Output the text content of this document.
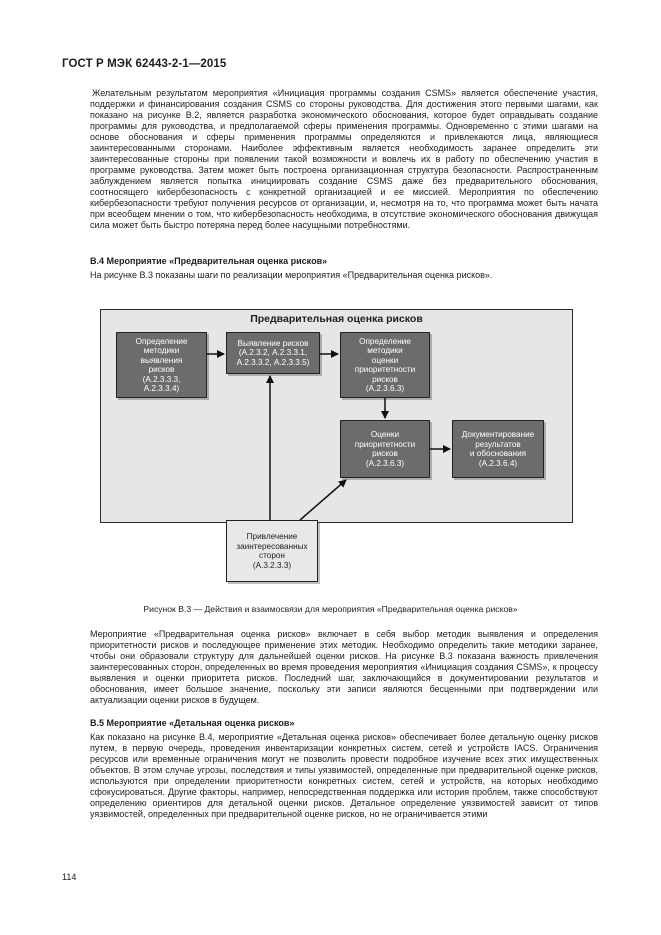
ГОСТ Р МЭК 62443-2-1—2015

Желательным результатом мероприятия «Инициация программы создания CSMS» является обеспечение участия, поддержки и финансирования создания CSMS со стороны руководства. Для достижения этого первыми шагами, как показано на рисунке В.2, является разработка экономического обоснования, которое будет оправдывать создание программы для руководства, и предполагаемой сферы применения программы. Одновременно с этими шагами на основе обоснования и сферы применения программы определяются и привлекаются лица, являющиеся заинтересованными сторонами. Наиболее эффективным является необходимость заранее определить эти заинтересованные стороны при появлении такой возможности и вовлечь их в работу по обеспечению участия в программе руководства. Затем может быть построена организационная структура безопасности. Распространенным заблуждением является попытка инициировать создание CSMS даже без предварительного обоснования, соотносящего кибербезопасность с конкретной организацией и ее миссией. Мероприятия по обеспечению кибербезопасности требуют получения ресурсов от организации, и, несмотря на то, что программа может быть начата при всеобщем мнении о том, что кибербезопасность необходима, в отсутствие экономического обоснования движущая сила может быть быстро потеряна перед более насущными потребностями.

В.4 Мероприятие «Предварительная оценка рисков»
На рисунке В.3 показаны шаги по реализации мероприятия «Предварительная оценка рисков».
Предварительная оценка рисков
Определение
методики
выявления
рисков
(А.2.3.3.3,
А.2.3.3.4)
Выявление рисков
(А.2.3.2, А.2.3.3.1,
А.2.3.3.2, А.2.3.3.5)
Определение
методики
оценки
приоритетности
рисков
(А.2.3.6.3)
Оценки
приоритетности
рисков
(А.2.3.6.3)
Документирование
результатов
и обоснования
(А.2.3.6.4)
Привлечение
заинтересованных
сторон
(А.3.2.3.3)
Рисунок В.3 — Действия и взаимосвязи для мероприятия «Предварительная оценка рисков»

Мероприятие «Предварительная оценка рисков» включает в себя выбор методик выявления и определения приоритетности рисков и последующее применение этих методик. Необходимо определить такие методики заранее, чтобы они образовали структуру для дальнейшей оценки рисков. На рисунке В.3 показана важность привлечения заинтересованных сторон, определенных во время проведения мероприятия «Инициация создания CSMS», к процессу выявления и оценки приоритета рисков. Последний шаг, заключающийся в документировании результатов и обоснования, имеет большое значение, поскольку эти записи являются бесценными при подтверждении или актуализации оценки рисков в будущем.

В.5 Мероприятие «Детальная оценка рисков»

Как показано на рисунке В.4, мероприятие «Детальная оценка рисков» обеспечивает более детальную оценку рисков путем, в первую очередь, проведения инвентаризации конкретных систем, сетей и устройств IACS. Ограничения ресурсов или временные ограничения могут не позволить провести подробное изучение всех этих имущественных объектов. В этом случае угрозы, последствия и типы уязвимостей, определенные при предварительной оценке рисков, используются при определении приоритетности конкретных систем, сетей и устройств, на которых необходимо сфокусироваться. Другие факторы, например, непосредственная поддержка или история проблем, также способствуют определению ориентиров для детальной оценки рисков. Детальное определение уязвимостей зависит от типов уязвимостей, определенных при предварительной оценке рисков, но не ограничивается этими

114
